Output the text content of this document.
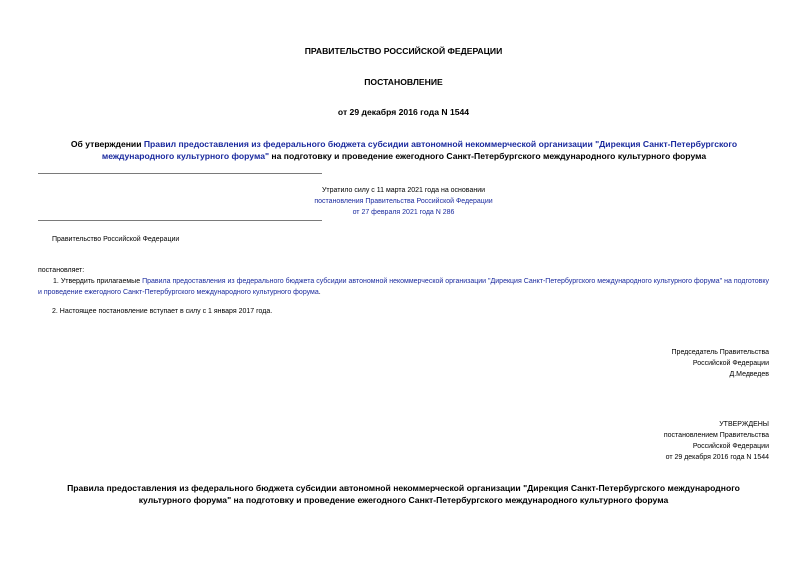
ПРАВИТЕЛЬСТВО РОССИЙСКОЙ ФЕДЕРАЦИИ
ПОСТАНОВЛЕНИЕ
от 29 декабря 2016 года N 1544
Об утверждении Правил предоставления из федерального бюджета субсидии автономной некоммерческой организации "Дирекция Санкт-Петербургского международного культурного форума" на подготовку и проведение ежегодного Санкт-Петербургского международного культурного форума
Утратило силу с 11 марта 2021 года на основании
постановления Правительства Российской Федерации
от 27 февраля 2021 года N 286
Правительство Российской Федерации
постановляет:
1. Утвердить прилагаемые Правила предоставления из федерального бюджета субсидии автономной некоммерческой организации "Дирекция Санкт-Петербургского международного культурного форума" на подготовку и проведение ежегодного Санкт-Петербургского международного культурного форума.
2. Настоящее постановление вступает в силу с 1 января 2017 года.
Председатель Правительства
Российской Федерации
Д.Медведев
УТВЕРЖДЕНЫ
постановлением Правительства
Российской Федерации
от 29 декабря 2016 года N 1544
Правила предоставления из федерального бюджета субсидии автономной некоммерческой организации "Дирекция Санкт-Петербургского международного
культурного форума" на подготовку и проведение ежегодного Санкт-Петербургского международного культурного форума
